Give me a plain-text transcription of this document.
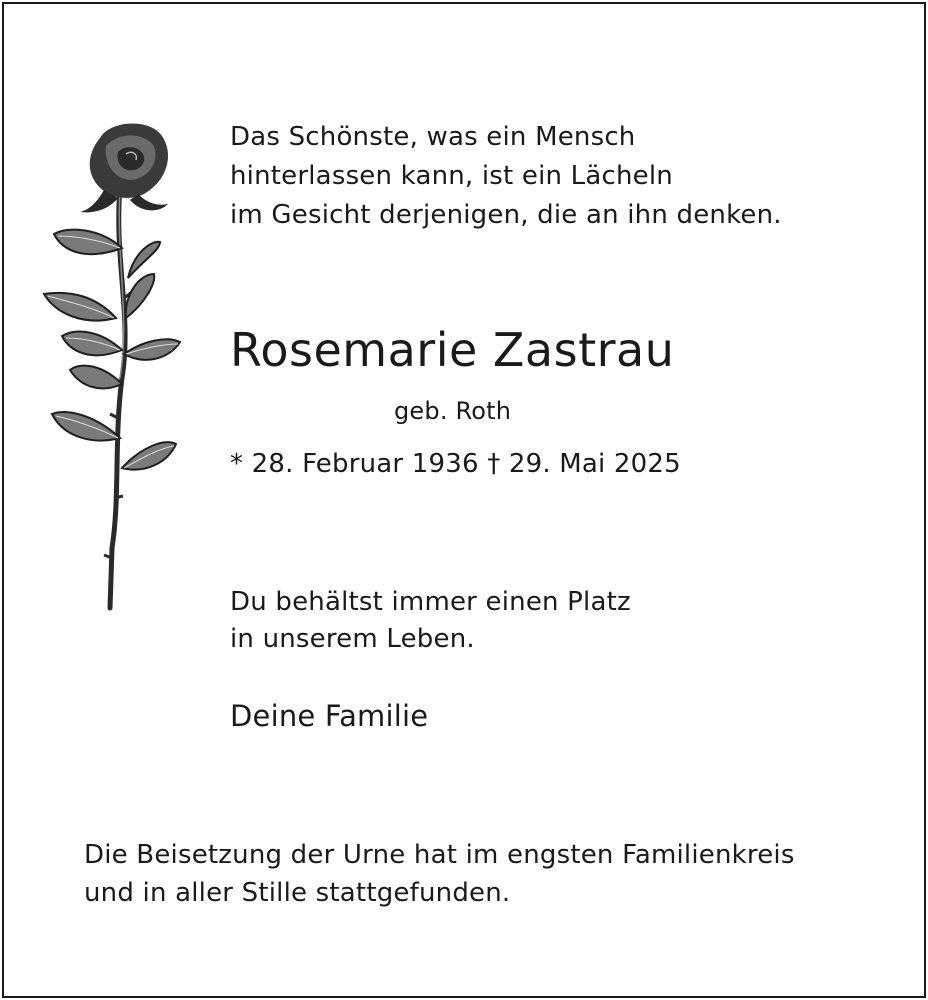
Das Schönste, was ein Mensch
hinterlassen kann, ist ein Lächeln
im Gesicht derjenigen, die an ihn denken.
Rosemarie Zastrau
geb. Roth
* 28. Februar 1936 † 29. Mai 2025
Du behältst immer einen Platz
in unserem Leben.
Deine Familie
Die Beisetzung der Urne hat im engsten Familienkreis
und in aller Stille stattgefunden.
